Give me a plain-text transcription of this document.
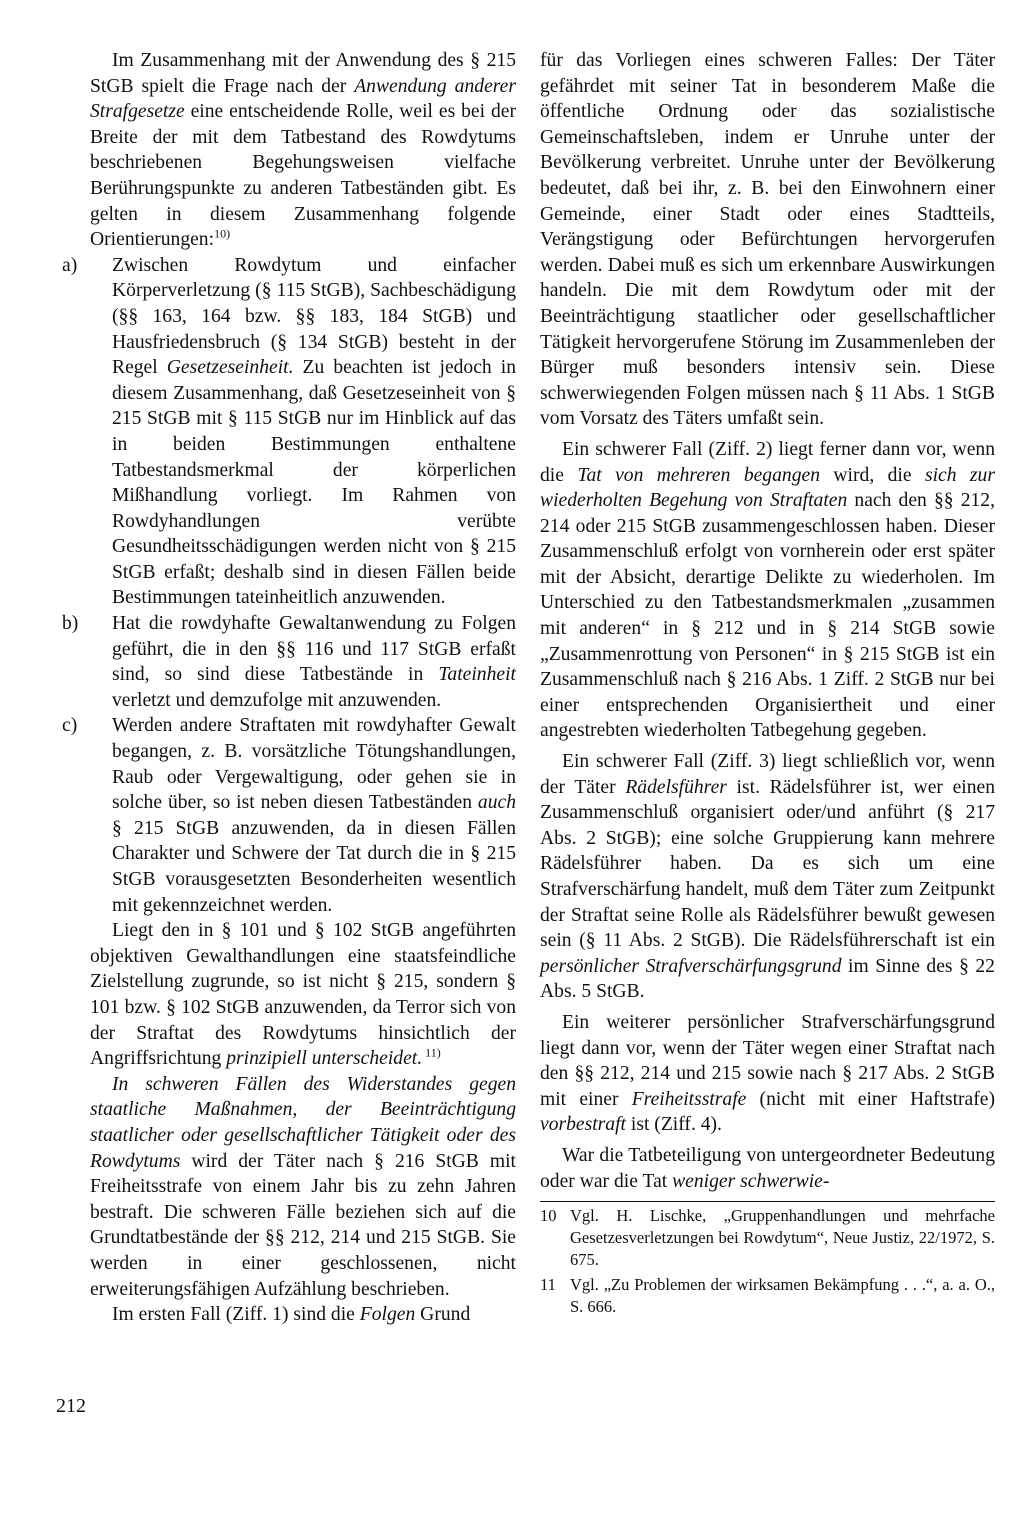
Im Zusammenhang mit der Anwendung des § 215 StGB spielt die Frage nach der Anwendung anderer Strafgesetze eine entscheidende Rolle, weil es bei der Breite der mit dem Tatbestand des Rowdytums beschriebenen Begehungsweisen vielfache Berührungspunkte zu anderen Tatbeständen gibt. Es gelten in diesem Zusammenhang folgende Orientierungen:$^{10)}$

a) Zwischen Rowdytum und einfacher Körperverletzung (§ 115 StGB), Sachbeschädigung (§§ 163, 164 bzw. §§ 183, 184 StGB) und Hausfriedensbruch (§ 134 StGB) besteht in der Regel Gesetzeseinheit. Zu beachten ist jedoch in diesem Zusammenhang, daß Gesetzeseinheit von § 215 StGB mit § 115 StGB nur im Hinblick auf das in beiden Bestimmungen enthaltene Tatbestandsmerkmal der körperlichen Mißhandlung vorliegt. Im Rahmen von Rowdyhandlungen verübte Gesundheitsschädigungen werden nicht von § 215 StGB erfaßt; deshalb sind in diesen Fällen beide Bestimmungen tateinheitlich anzuwenden.
b) Hat die rowdyhafte Gewaltanwendung zu Folgen geführt, die in den §§ 116 und 117 StGB erfaßt sind, so sind diese Tatbestände in Tateinheit verletzt und demzufolge mit anzuwenden.
c) Werden andere Straftaten mit rowdyhafter Gewalt begangen, z. B. vorsätzliche Tötungshandlungen, Raub oder Vergewaltigung, oder gehen sie in solche über, so ist neben diesen Tatbeständen auch § 215 StGB anzuwenden, da in diesen Fällen Charakter und Schwere der Tat durch die in § 215 StGB vorausgesetzten Besonderheiten wesentlich mit gekennzeichnet werden.

Liegt den in § 101 und § 102 StGB angeführten objektiven Gewalthandlungen eine staatsfeindliche Zielstellung zugrunde, so ist nicht § 215, sondern § 101 bzw. § 102 StGB anzuwenden, da Terror sich von der Straftat des Rowdytums hinsichtlich der Angriffsrichtung prinzipiell unterscheidet. $^{11)}$

In schweren Fällen des Widerstandes gegen staatliche Maßnahmen, der Beeinträchtigung staatlicher oder gesellschaftlicher Tätigkeit oder des Rowdytums wird der Täter nach § 216 StGB mit Freiheitsstrafe von einem Jahr bis zu zehn Jahren bestraft. Die schweren Fälle beziehen sich auf die Grundtatbestände der §§ 212, 214 und 215 StGB. Sie werden in einer geschlossenen, nicht erweiterungsfähigen Aufzählung beschrieben.

Im ersten Fall (Ziff. 1) sind die Folgen Grund

für das Vorliegen eines schweren Falles: Der Täter gefährdet mit seiner Tat in besonderem Maße die öffentliche Ordnung oder das sozialistische Gemeinschaftsleben, indem er Unruhe unter der Bevölkerung verbreitet. Unruhe unter der Bevölkerung bedeutet, daß bei ihr, z. B. bei den Einwohnern einer Gemeinde, einer Stadt oder eines Stadtteils, Verängstigung oder Befürchtungen hervorgerufen werden. Dabei muß es sich um erkennbare Auswirkungen handeln. Die mit dem Rowdytum oder mit der Beeinträchtigung staatlicher oder gesellschaftlicher Tätigkeit hervorgerufene Störung im Zusammenleben der Bürger muß besonders intensiv sein. Diese schwerwiegenden Folgen müssen nach § 11 Abs. 1 StGB vom Vorsatz des Täters umfaßt sein.

Ein schwerer Fall (Ziff. 2) liegt ferner dann vor, wenn die Tat von mehreren begangen wird, die sich zur wiederholten Begehung von Straftaten nach den §§ 212, 214 oder 215 StGB zusammengeschlossen haben. Dieser Zusammenschluß erfolgt von vornherein oder erst später mit der Absicht, derartige Delikte zu wiederholen. Im Unterschied zu den Tatbestandsmerkmalen „zusammen mit anderen“ in § 212 und in § 214 StGB sowie „Zusammenrottung von Personen“ in § 215 StGB ist ein Zusammenschluß nach § 216 Abs. 1 Ziff. 2 StGB nur bei einer entsprechenden Organisiertheit und einer angestrebten wiederholten Tatbegehung gegeben.

Ein schwerer Fall (Ziff. 3) liegt schließlich vor, wenn der Täter Rädelsführer ist. Rädelsführer ist, wer einen Zusammenschluß organisiert oder/und anführt (§ 217 Abs. 2 StGB); eine solche Gruppierung kann mehrere Rädelsführer haben. Da es sich um eine Strafverschärfung handelt, muß dem Täter zum Zeitpunkt der Straftat seine Rolle als Rädelsführer bewußt gewesen sein (§ 11 Abs. 2 StGB). Die Rädelsführerschaft ist ein persönlicher Strafverschärfungsgrund im Sinne des § 22 Abs. 5 StGB.

Ein weiterer persönlicher Strafverschärfungsgrund liegt dann vor, wenn der Täter wegen einer Straftat nach den §§ 212, 214 und 215 sowie nach § 217 Abs. 2 StGB mit einer Freiheitsstrafe (nicht mit einer Haftstrafe) vorbestraft ist (Ziff. 4).

War die Tatbeteiligung von untergeordneter Bedeutung oder war die Tat weniger schwerwie-

10 Vgl. H. Lischke, „Gruppenhandlungen und mehrfache Gesetzesverletzungen bei Rowdytum“, Neue Justiz, 22/1972, S. 675.
11 Vgl. „Zu Problemen der wirksamen Bekämpfung . . .“, a. a. O., S. 666.
212
